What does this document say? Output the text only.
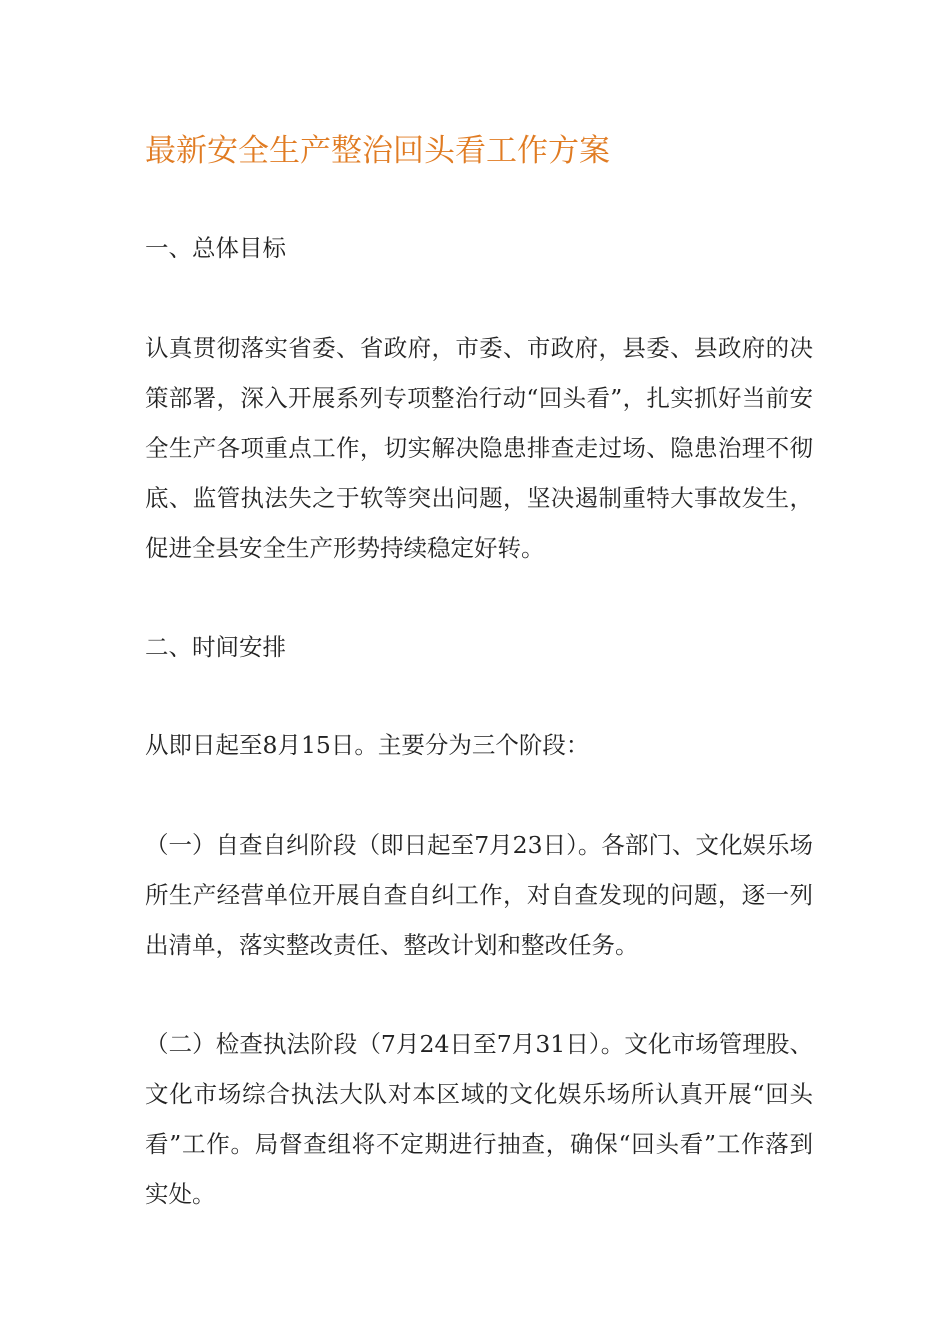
最新安全生产整治回头看工作方案

一、总体目标

认真贯彻落实省委、省政府，市委、市政府，县委、县政府的决策部署，深入开展系列专项整治行动“回头看”，扎实抓好当前安全生产各项重点工作，切实解决隐患排查走过场、隐患治理不彻底、监管执法失之于软等突出问题，坚决遏制重特大事故发生，促进全县安全生产形势持续稳定好转。

二、时间安排

从即日起至8月15日。主要分为三个阶段：

（一）自查自纠阶段（即日起至7月23日）。各部门、文化娱乐场所生产经营单位开展自查自纠工作，对自查发现的问题，逐一列出清单，落实整改责任、整改计划和整改任务。

（二）检查执法阶段（7月24日至7月31日）。文化市场管理股、文化市场综合执法大队对本区域的文化娱乐场所认真开展“回头看”工作。局督查组将不定期进行抽查，确保“回头看”工作落到实处。
